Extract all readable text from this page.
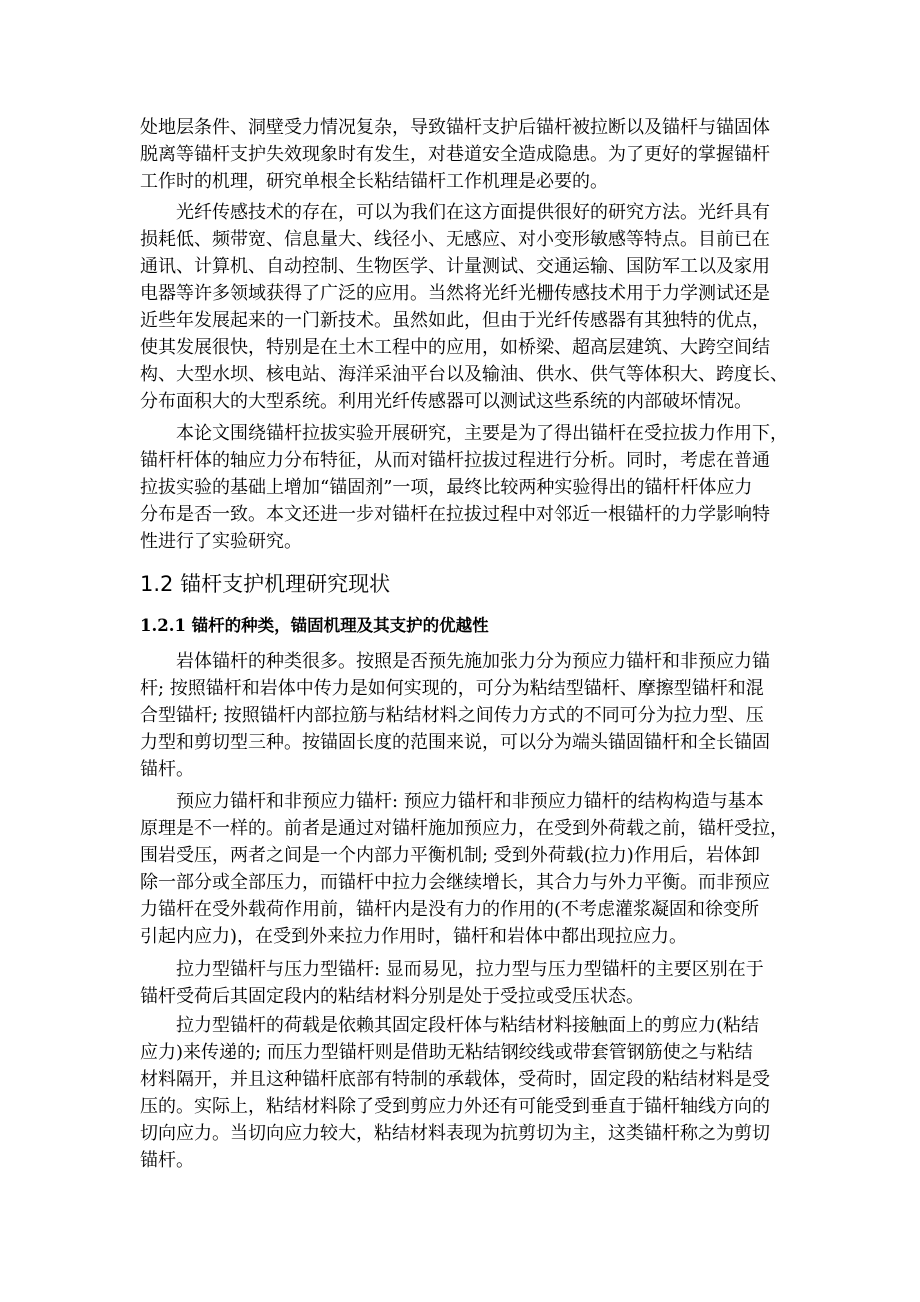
处地层条件、洞壁受力情况复杂，导致锚杆支护后锚杆被拉断以及锚杆与锚固体
脱离等锚杆支护失效现象时有发生，对巷道安全造成隐患。为了更好的掌握锚杆
工作时的机理，研究单根全长粘结锚杆工作机理是必要的。
　　光纤传感技术的存在，可以为我们在这方面提供很好的研究方法。光纤具有
损耗低、频带宽、信息量大、线径小、无感应、对小变形敏感等特点。目前已在
通讯、计算机、自动控制、生物医学、计量测试、交通运输、国防军工以及家用
电器等许多领域获得了广泛的应用。当然将光纤光栅传感技术用于力学测试还是
近些年发展起来的一门新技术。虽然如此，但由于光纤传感器有其独特的优点，
使其发展很快，特别是在土木工程中的应用，如桥梁、超高层建筑、大跨空间结
构、大型水坝、核电站、海洋采油平台以及输油、供水、供气等体积大、跨度长、
分布面积大的大型系统。利用光纤传感器可以测试这些系统的内部破坏情况。
　　本论文围绕锚杆拉拔实验开展研究，主要是为了得出锚杆在受拉拔力作用下，
锚杆杆体的轴应力分布特征，从而对锚杆拉拔过程进行分析。同时，考虑在普通
拉拔实验的基础上增加“锚固剂”一项，最终比较两种实验得出的锚杆杆体应力
分布是否一致。本文还进一步对锚杆在拉拔过程中对邻近一根锚杆的力学影响特
性进行了实验研究。
1.2 锚杆支护机理研究现状
1.2.1 锚杆的种类，锚固机理及其支护的优越性
　　岩体锚杆的种类很多。按照是否预先施加张力分为预应力锚杆和非预应力锚
杆; 按照锚杆和岩体中传力是如何实现的，可分为粘结型锚杆、摩擦型锚杆和混
合型锚杆; 按照锚杆内部拉筋与粘结材料之间传力方式的不同可分为拉力型、压
力型和剪切型三种。按锚固长度的范围来说，可以分为端头锚固锚杆和全长锚固
锚杆。
　　预应力锚杆和非预应力锚杆: 预应力锚杆和非预应力锚杆的结构构造与基本
原理是不一样的。前者是通过对锚杆施加预应力，在受到外荷载之前，锚杆受拉，
围岩受压，两者之间是一个内部力平衡机制; 受到外荷载(拉力)作用后，岩体卸
除一部分或全部压力，而锚杆中拉力会继续增长，其合力与外力平衡。而非预应
力锚杆在受外载荷作用前，锚杆内是没有力的作用的(不考虑灌浆凝固和徐变所
引起内应力)，在受到外来拉力作用时，锚杆和岩体中都出现拉应力。
　　拉力型锚杆与压力型锚杆: 显而易见，拉力型与压力型锚杆的主要区别在于
锚杆受荷后其固定段内的粘结材料分别是处于受拉或受压状态。
　　拉力型锚杆的荷载是依赖其固定段杆体与粘结材料接触面上的剪应力(粘结
应力)来传递的; 而压力型锚杆则是借助无粘结钢绞线或带套管钢筋使之与粘结
材料隔开，并且这种锚杆底部有特制的承载体，受荷时，固定段的粘结材料是受
压的。实际上，粘结材料除了受到剪应力外还有可能受到垂直于锚杆轴线方向的
切向应力。当切向应力较大，粘结材料表现为抗剪切为主，这类锚杆称之为剪切
锚杆。
